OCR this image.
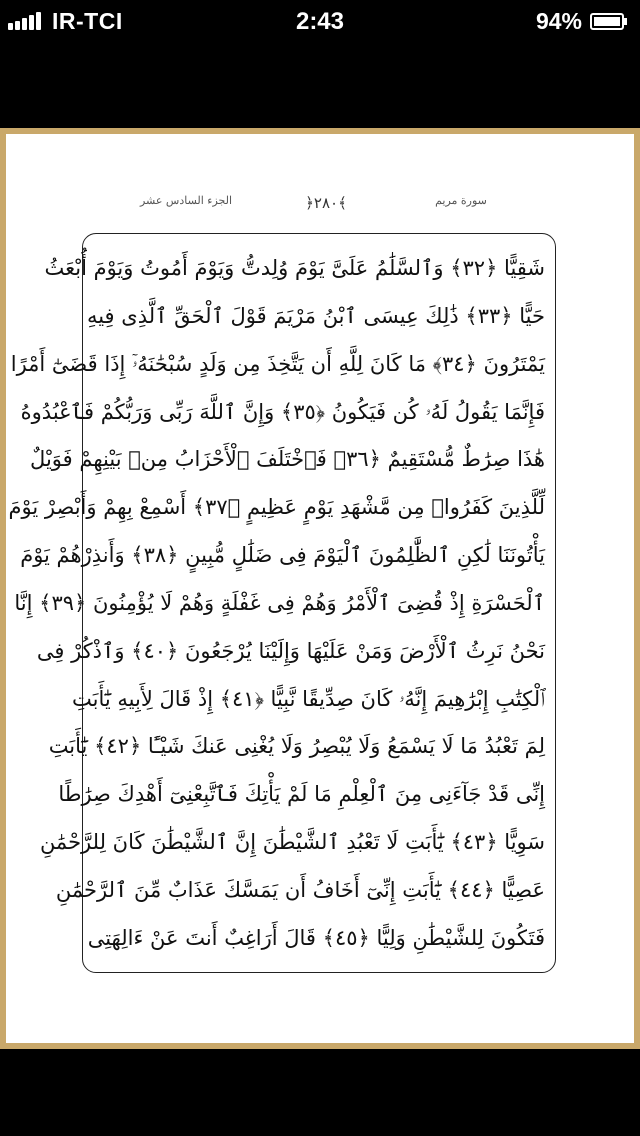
IR-TCI	2:43	94%
الجزء السادس عشر	﴿٢٨٠﴾	سورة مريم
شَقِيًّا ﴿٣٢﴾ وَٱلسَّلَٰمُ عَلَىَّ يَوْمَ وُلِدتُّ وَيَوْمَ أَمُوتُ وَيَوْمَ أُبْعَثُ
حَيًّا ﴿٣٣﴾ ذَٰلِكَ عِيسَى ٱبْنُ مَرْيَمَ قَوْلَ ٱلْحَقِّ ٱلَّذِى فِيهِ
يَمْتَرُونَ ﴿٣٤﴾ مَا كَانَ لِلَّهِ أَن يَتَّخِذَ مِن وَلَدٍ سُبْحَٰنَهُۥٓ إِذَا قَضَىٰٓ أَمْرًا
فَإِنَّمَا يَقُولُ لَهُۥ كُن فَيَكُونُ ﴿٣٥﴾ وَإِنَّ ٱللَّهَ رَبِّى وَرَبُّكُمْ فَٱعْبُدُوهُ
هَٰذَا صِرَٰطٌ مُّسْتَقِيمٌ ﴿٣٦﴾ فَٱخْتَلَفَ ٱلْأَحْزَابُ مِنۢ بَيْنِهِمْ فَوَيْلٌ
لِّلَّذِينَ كَفَرُوا۟ مِن مَّشْهَدِ يَوْمٍ عَظِيمٍ ﴿٣٧﴾ أَسْمِعْ بِهِمْ وَأَبْصِرْ يَوْمَ
يَأْتُونَنَا لَٰكِنِ ٱلظَّٰلِمُونَ ٱلْيَوْمَ فِى ضَلَٰلٍ مُّبِينٍ ﴿٣٨﴾ وَأَنذِرْهُمْ يَوْمَ
ٱلْحَسْرَةِ إِذْ قُضِىَ ٱلْأَمْرُ وَهُمْ فِى غَفْلَةٍ وَهُمْ لَا يُؤْمِنُونَ ﴿٣٩﴾ إِنَّا
نَحْنُ نَرِثُ ٱلْأَرْضَ وَمَنْ عَلَيْهَا وَإِلَيْنَا يُرْجَعُونَ ﴿٤٠﴾ وَٱذْكُرْ فِى
ٱلْكِتَٰبِ إِبْرَٰهِيمَ إِنَّهُۥ كَانَ صِدِّيقًا نَّبِيًّا ﴿٤١﴾ إِذْ قَالَ لِأَبِيهِ يَٰٓأَبَتِ
لِمَ تَعْبُدُ مَا لَا يَسْمَعُ وَلَا يُبْصِرُ وَلَا يُغْنِى عَنكَ شَيْـًٔا ﴿٤٢﴾ يَٰٓأَبَتِ
إِنِّى قَدْ جَآءَنِى مِنَ ٱلْعِلْمِ مَا لَمْ يَأْتِكَ فَٱتَّبِعْنِىٓ أَهْدِكَ صِرَٰطًا
سَوِيًّا ﴿٤٣﴾ يَٰٓأَبَتِ لَا تَعْبُدِ ٱلشَّيْطَٰنَ إِنَّ ٱلشَّيْطَٰنَ كَانَ لِلرَّحْمَٰنِ
عَصِيًّا ﴿٤٤﴾ يَٰٓأَبَتِ إِنِّىٓ أَخَافُ أَن يَمَسَّكَ عَذَابٌ مِّنَ ٱلرَّحْمَٰنِ
فَتَكُونَ لِلشَّيْطَٰنِ وَلِيًّا ﴿٤٥﴾ قَالَ أَرَاغِبٌ أَنتَ عَنْ ءَالِهَتِى
